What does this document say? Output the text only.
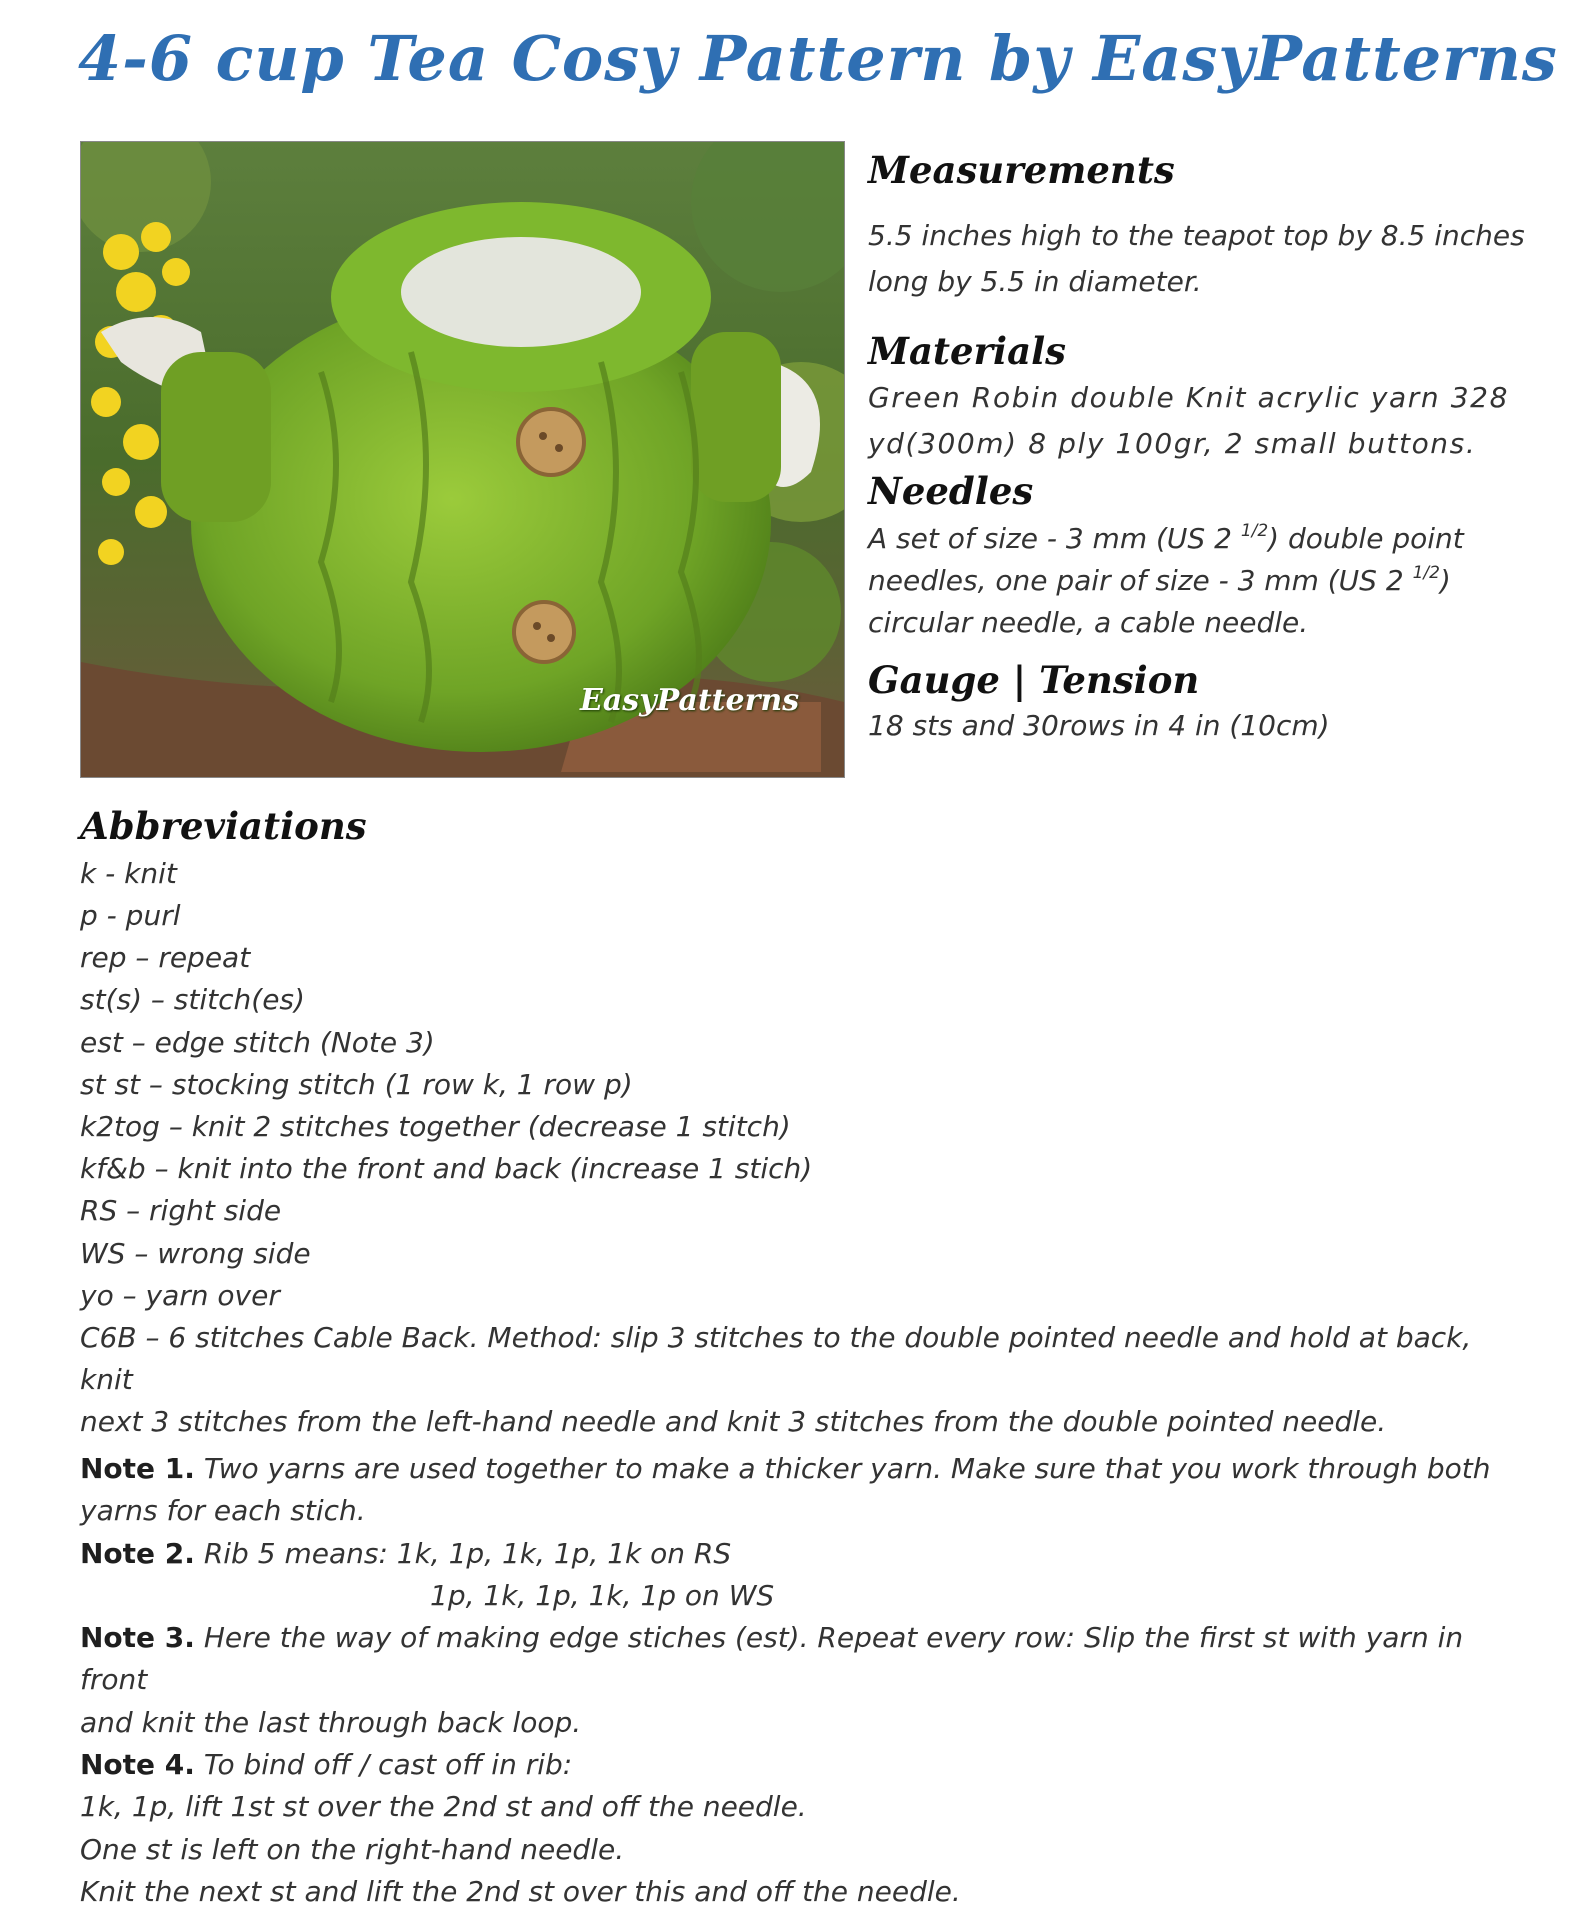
4-6 cup Tea Cosy Pattern by EasyPatterns
EasyPatterns
Measurements

5.5 inches high to the teapot top by 8.5 inches

long by 5.5 in diameter.

Materials

Green Robin double Knit acrylic yarn 328

yd(300m) 8 ply 100gr, 2 small buttons.

Needles

A set of size - 3 mm (US 2 $^{1/2}$) double point

needles, one pair of size - 3 mm (US 2 $^{1/2}$)

circular needle, a cable needle.

Gauge | Tension

18 sts and 30rows in 4 in (10cm)

Abbreviations

k - knit

p - purl

rep – repeat

st(s) – stitch(es)

est – edge stitch (Note 3)

st st – stocking stitch (1 row k, 1 row p)

k2tog – knit 2 stitches together (decrease 1 stitch)

kf&b – knit into the front and back (increase 1 stich)

RS – right side

WS – wrong side

yo – yarn over

C6B – 6 stitches Cable Back. Method: slip 3 stitches to the double pointed needle and hold at back, knit

next 3 stitches from the left-hand needle and knit 3 stitches from the double pointed needle.

Note 1. Two yarns are used together to make a thicker yarn. Make sure that you work through both

yarns for each stich.

Note 2. Rib 5 means: 1k, 1p, 1k, 1p, 1k on RS

1p, 1k, 1p, 1k, 1p on WS

Note 3. Here the way of making edge stiches (est). Repeat every row: Slip the first st with yarn in front

and knit the last through back loop.

Note 4. To bind off / cast off in rib:

1k, 1p, lift 1st st over the 2nd st and off the needle.

One st is left on the right-hand needle.

Knit the next st and lift the 2nd st over this and off the needle.
